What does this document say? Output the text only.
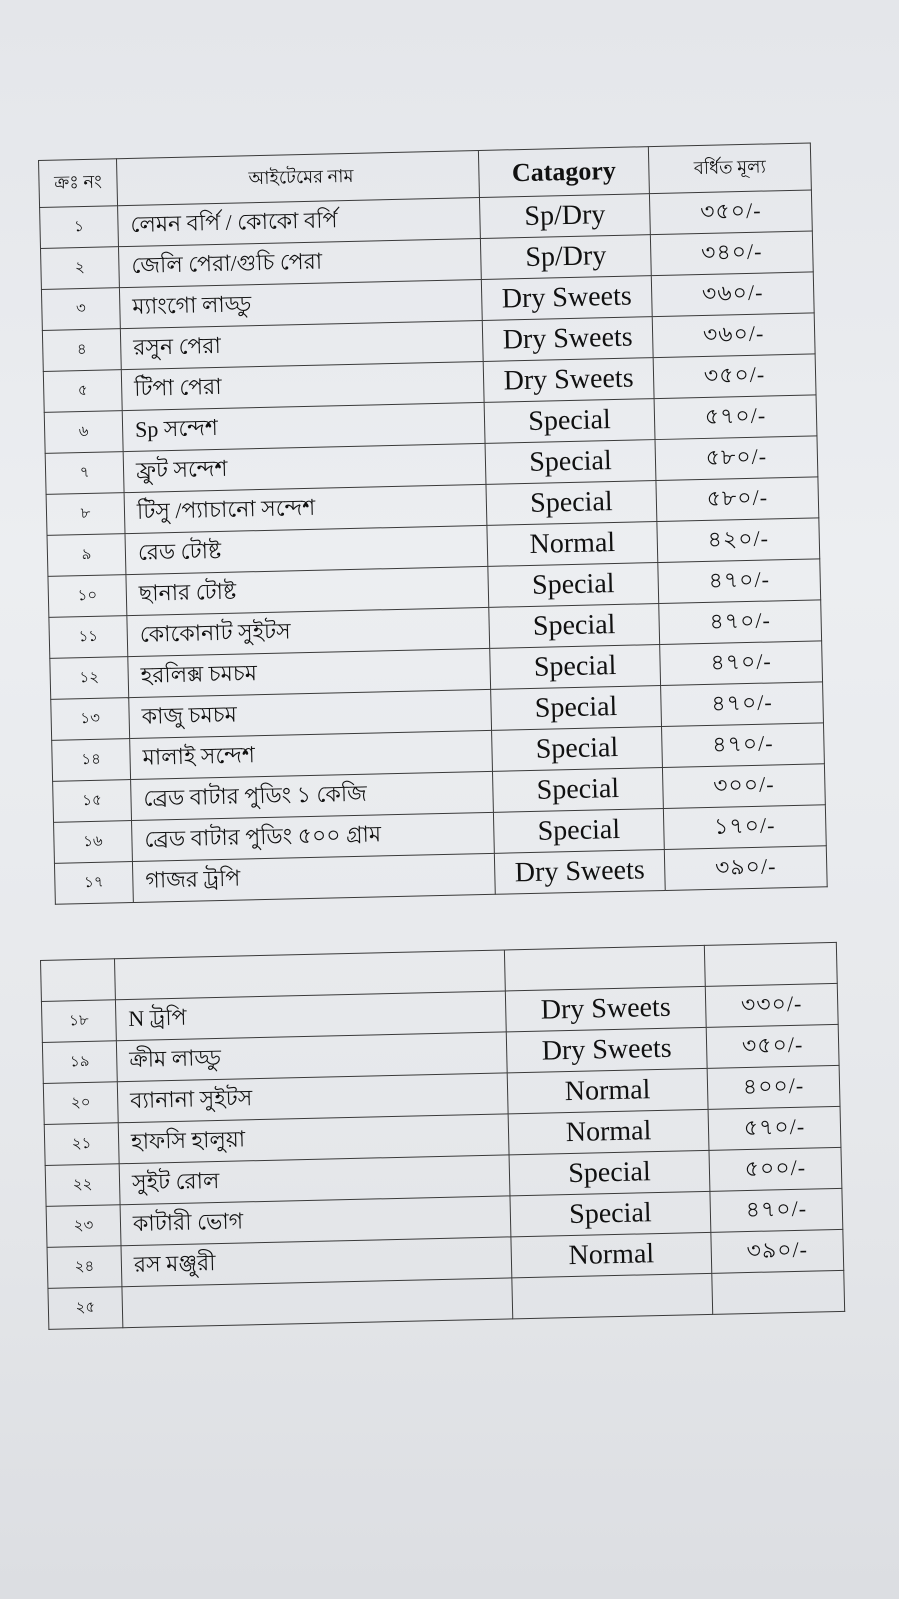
ক্রঃ নং	আইটেমের নাম	Catagory	বর্ধিত মূল্য
১	লেমন বর্পি / কোকো বর্পি	Sp/Dry	৩৫০/-
২	জেলি পেরা/গুচি পেরা	Sp/Dry	৩৪০/-
৩	ম্যাংগো লাড্ডু	Dry Sweets	৩৬০/-
৪	রসুন পেরা	Dry Sweets	৩৬০/-
৫	টিপা পেরা	Dry Sweets	৩৫০/-
৬	Sp সন্দেশ	Special	৫৭০/-
৭	ফ্রুট সন্দেশ	Special	৫৮০/-
৮	টিসু /প্যাচানো সন্দেশ	Special	৫৮০/-
৯	রেড টোষ্ট	Normal	৪২০/-
১০	ছানার টোষ্ট	Special	৪৭০/-
১১	কোকোনাট সুইটস	Special	৪৭০/-
১২	হরলিক্স চমচম	Special	৪৭০/-
১৩	কাজু চমচম	Special	৪৭০/-
১৪	মালাই সন্দেশ	Special	৪৭০/-
১৫	ব্রেড বাটার পুডিং ১ কেজি	Special	৩০০/-
১৬	ব্রেড বাটার পুডিং ৫০০ গ্রাম	Special	১৭০/-
১৭	গাজর ট্রপি	Dry Sweets	৩৯০/-

১৮	N ট্রপি	Dry Sweets	৩৩০/-
১৯	ক্রীম লাড্ডু	Dry Sweets	৩৫০/-
২০	ব্যানানা সুইটস	Normal	৪০০/-
২১	হাফসি হালুয়া	Normal	৫৭০/-
২২	সুইট রোল	Special	৫০০/-
২৩	কাটারী ভোগ	Special	৪৭০/-
২৪	রস মঞ্জুরী	Normal	৩৯০/-
২৫			
